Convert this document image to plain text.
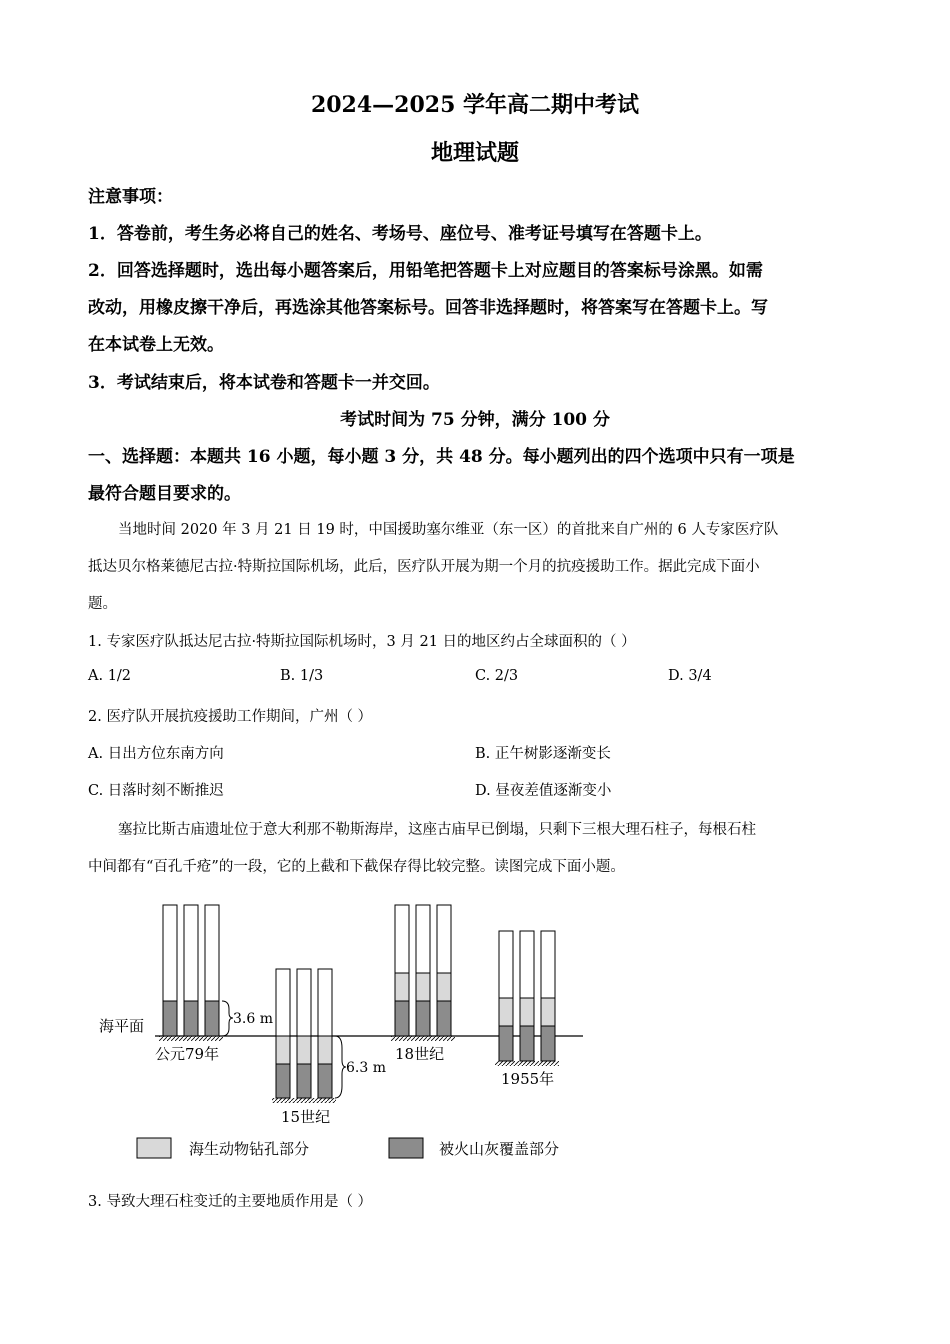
2024—2025 学年高二期中考试
地理试题
注意事项：
1．答卷前，考生务必将自己的姓名、考场号、座位号、准考证号填写在答题卡上。
2．回答选择题时，选出每小题答案后，用铅笔把答题卡上对应题目的答案标号涂黑。如需
改动，用橡皮擦干净后，再选涂其他答案标号。回答非选择题时，将答案写在答题卡上。写
在本试卷上无效。
3．考试结束后，将本试卷和答题卡一并交回。
考试时间为 75 分钟，满分 100 分
一、选择题：本题共 16 小题，每小题 3 分，共 48 分。每小题列出的四个选项中只有一项是
最符合题目要求的。
当地时间 2020 年 3 月 21 日 19 时，中国援助塞尔维亚（东一区）的首批来自广州的 6 人专家医疗队
抵达贝尔格莱德尼古拉·特斯拉国际机场，此后，医疗队开展为期一个月的抗疫援助工作。据此完成下面小
题。
1. 专家医疗队抵达尼古拉·特斯拉国际机场时，3 月 21 日的地区约占全球面积的（ ）
A. 1/2	B. 1/3	C. 2/3	D. 3/4
2. 医疗队开展抗疫援助工作期间，广州（ ）
A. 日出方位东南方向	B. 正午树影逐渐变长
C. 日落时刻不断推迟	D. 昼夜差值逐渐变小
塞拉比斯古庙遗址位于意大利那不勒斯海岸，这座古庙早已倒塌，只剩下三根大理石柱子，每根石柱
中间都有“百孔千疮”的一段，它的上截和下截保存得比较完整。读图完成下面小题。
海平面	3.6 m
公元79年
6.3 m
15世纪
18世纪
1955年
海生动物钻孔部分	被火山灰覆盖部分
3. 导致大理石柱变迁的主要地质作用是（ ）
